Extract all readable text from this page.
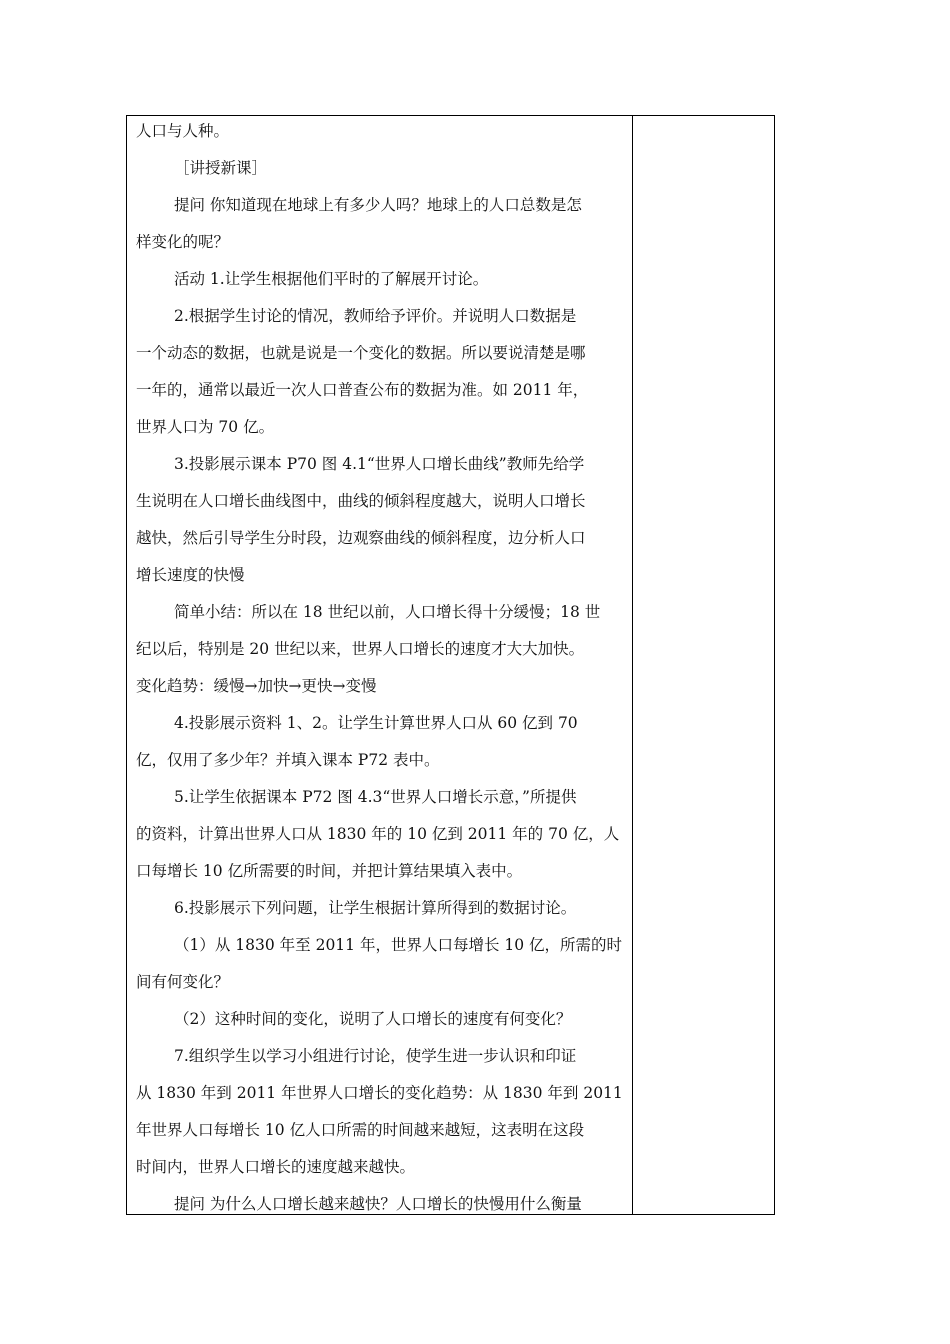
人口与人种。
［讲授新课］
提问 你知道现在地球上有多少人吗？地球上的人口总数是怎
样变化的呢？
活动 1.让学生根据他们平时的了解展开讨论。
2.根据学生讨论的情况，教师给予评价。并说明人口数据是
一个动态的数据，也就是说是一个变化的数据。所以要说清楚是哪
一年的，通常以最近一次人口普查公布的数据为准。如 2011 年，
世界人口为 70 亿。
3.投影展示课本 P70 图 4.1“世界人口增长曲线”教师先给学
生说明在人口增长曲线图中，曲线的倾斜程度越大，说明人口增长
越快，然后引导学生分时段，边观察曲线的倾斜程度，边分析人口
增长速度的快慢
简单小结：所以在 18 世纪以前，人口增长得十分缓慢；18 世
纪以后，特别是 20 世纪以来，世界人口增长的速度才大大加快。
变化趋势：缓慢→加快→更快→变慢
4.投影展示资料 1、2。让学生计算世界人口从 60 亿到 70
亿，仅用了多少年？并填入课本 P72 表中。
5.让学生依据课本 P72 图 4.3“世界人口增长示意，”所提供
的资料，计算出世界人口从 1830 年的 10 亿到 2011 年的 70 亿，人
口每增长 10 亿所需要的时间，并把计算结果填入表中。
6.投影展示下列问题，让学生根据计算所得到的数据讨论。
（1）从 1830 年至 2011 年，世界人口每增长 10 亿，所需的时
间有何变化？
（2）这种时间的变化，说明了人口增长的速度有何变化？
7.组织学生以学习小组进行讨论，使学生进一步认识和印证
从 1830 年到 2011 年世界人口增长的变化趋势：从 1830 年到 2011
年世界人口每增长 10 亿人口所需的时间越来越短，这表明在这段
时间内，世界人口增长的速度越来越快。
提问 为什么人口增长越来越快？人口增长的快慢用什么衡量
